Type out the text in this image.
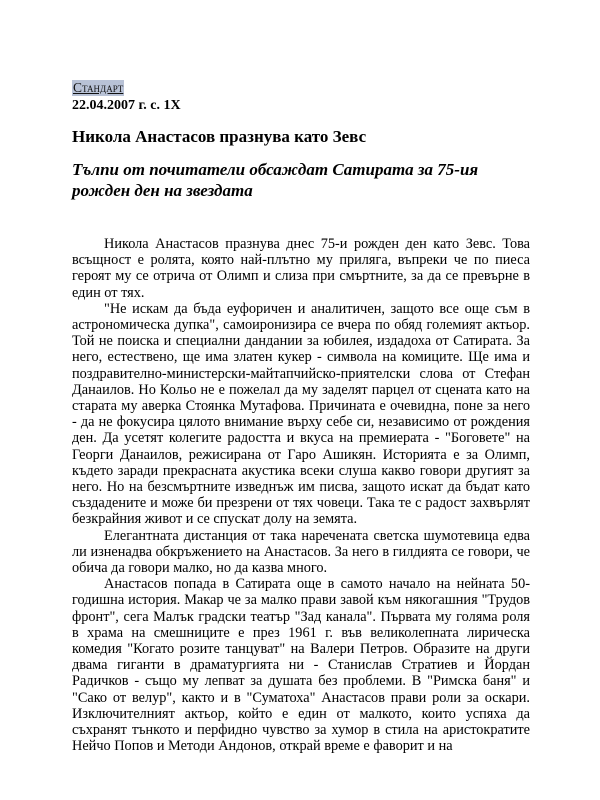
Стандарт
22.04.2007 г. с. 1X
Никола Анастасов празнува като Зевс
Тълпи от почитатели обсаждат Сатирата за 75-ия рожден ден на звездата

Никола Анастасов празнува днес 75-и рожден ден като Зевс. Това всъщност е ролята, която най-плътно му приляга, въпреки че по пиеса героят му се отрича от Олимп и слиза при смъртните, за да се превърне в един от тях.

"Не искам да бъда еуфоричен и аналитичен, защото все още съм в астрономическа дупка", самоиронизира се вчера по обяд големият актьор. Той не поиска и специални дандании за юбилея, издадоха от Сатирата. За него, естествено, ще има златен кукер - символа на комиците. Ще има и поздравително-министерски-майтапчийско-приятелски слова от Стефан Данаилов. Но Кольо не е пожелал да му заделят парцел от сцената като на старата му аверка Стоянка Мутафова. Причината е очевидна, поне за него - да не фокусира цялото внимание върху себе си, независимо от рождения ден. Да усетят колегите радостта и вкуса на премиерата - "Боговете" на Георги Данаилов, режисирана от Гаро Ашикян. Историята е за Олимп, където заради прекрасната акустика всеки слуша какво говори другият за него. Но на безсмъртните изведнъж им писва, защото искат да бъдат като създадените и може би презрени от тях човеци. Така те с радост захвърлят безкрайния живот и се спускат долу на земята.

Елегантната дистанция от така наречената светска шумотевица едва ли изненадва обкръжението на Анастасов. За него в гилдията се говори, че обича да говори малко, но да казва много.

Анастасов попада в Сатирата още в самото начало на нейната 50-годишна история. Макар че за малко прави завой към някогашния "Трудов фронт", сега Малък градски театър "Зад канала". Първата му голяма роля в храма на смешниците е през 1961 г. във великолепната лирическа комедия "Когато розите танцуват" на Валери Петров. Образите на други двама гиганти в драматургията ни - Станислав Стратиев и Йордан Радичков - също му лепват за душата без проблеми. В "Римска баня" и "Сако от велур", както и в "Суматоха" Анастасов прави роли за оскари. Изключителният актьор, който е един от малкото, които успяха да съхранят тънкото и перфидно чувство за хумор в стила на аристократите Нейчо Попов и Методи Андонов, открай време е фаворит и на
